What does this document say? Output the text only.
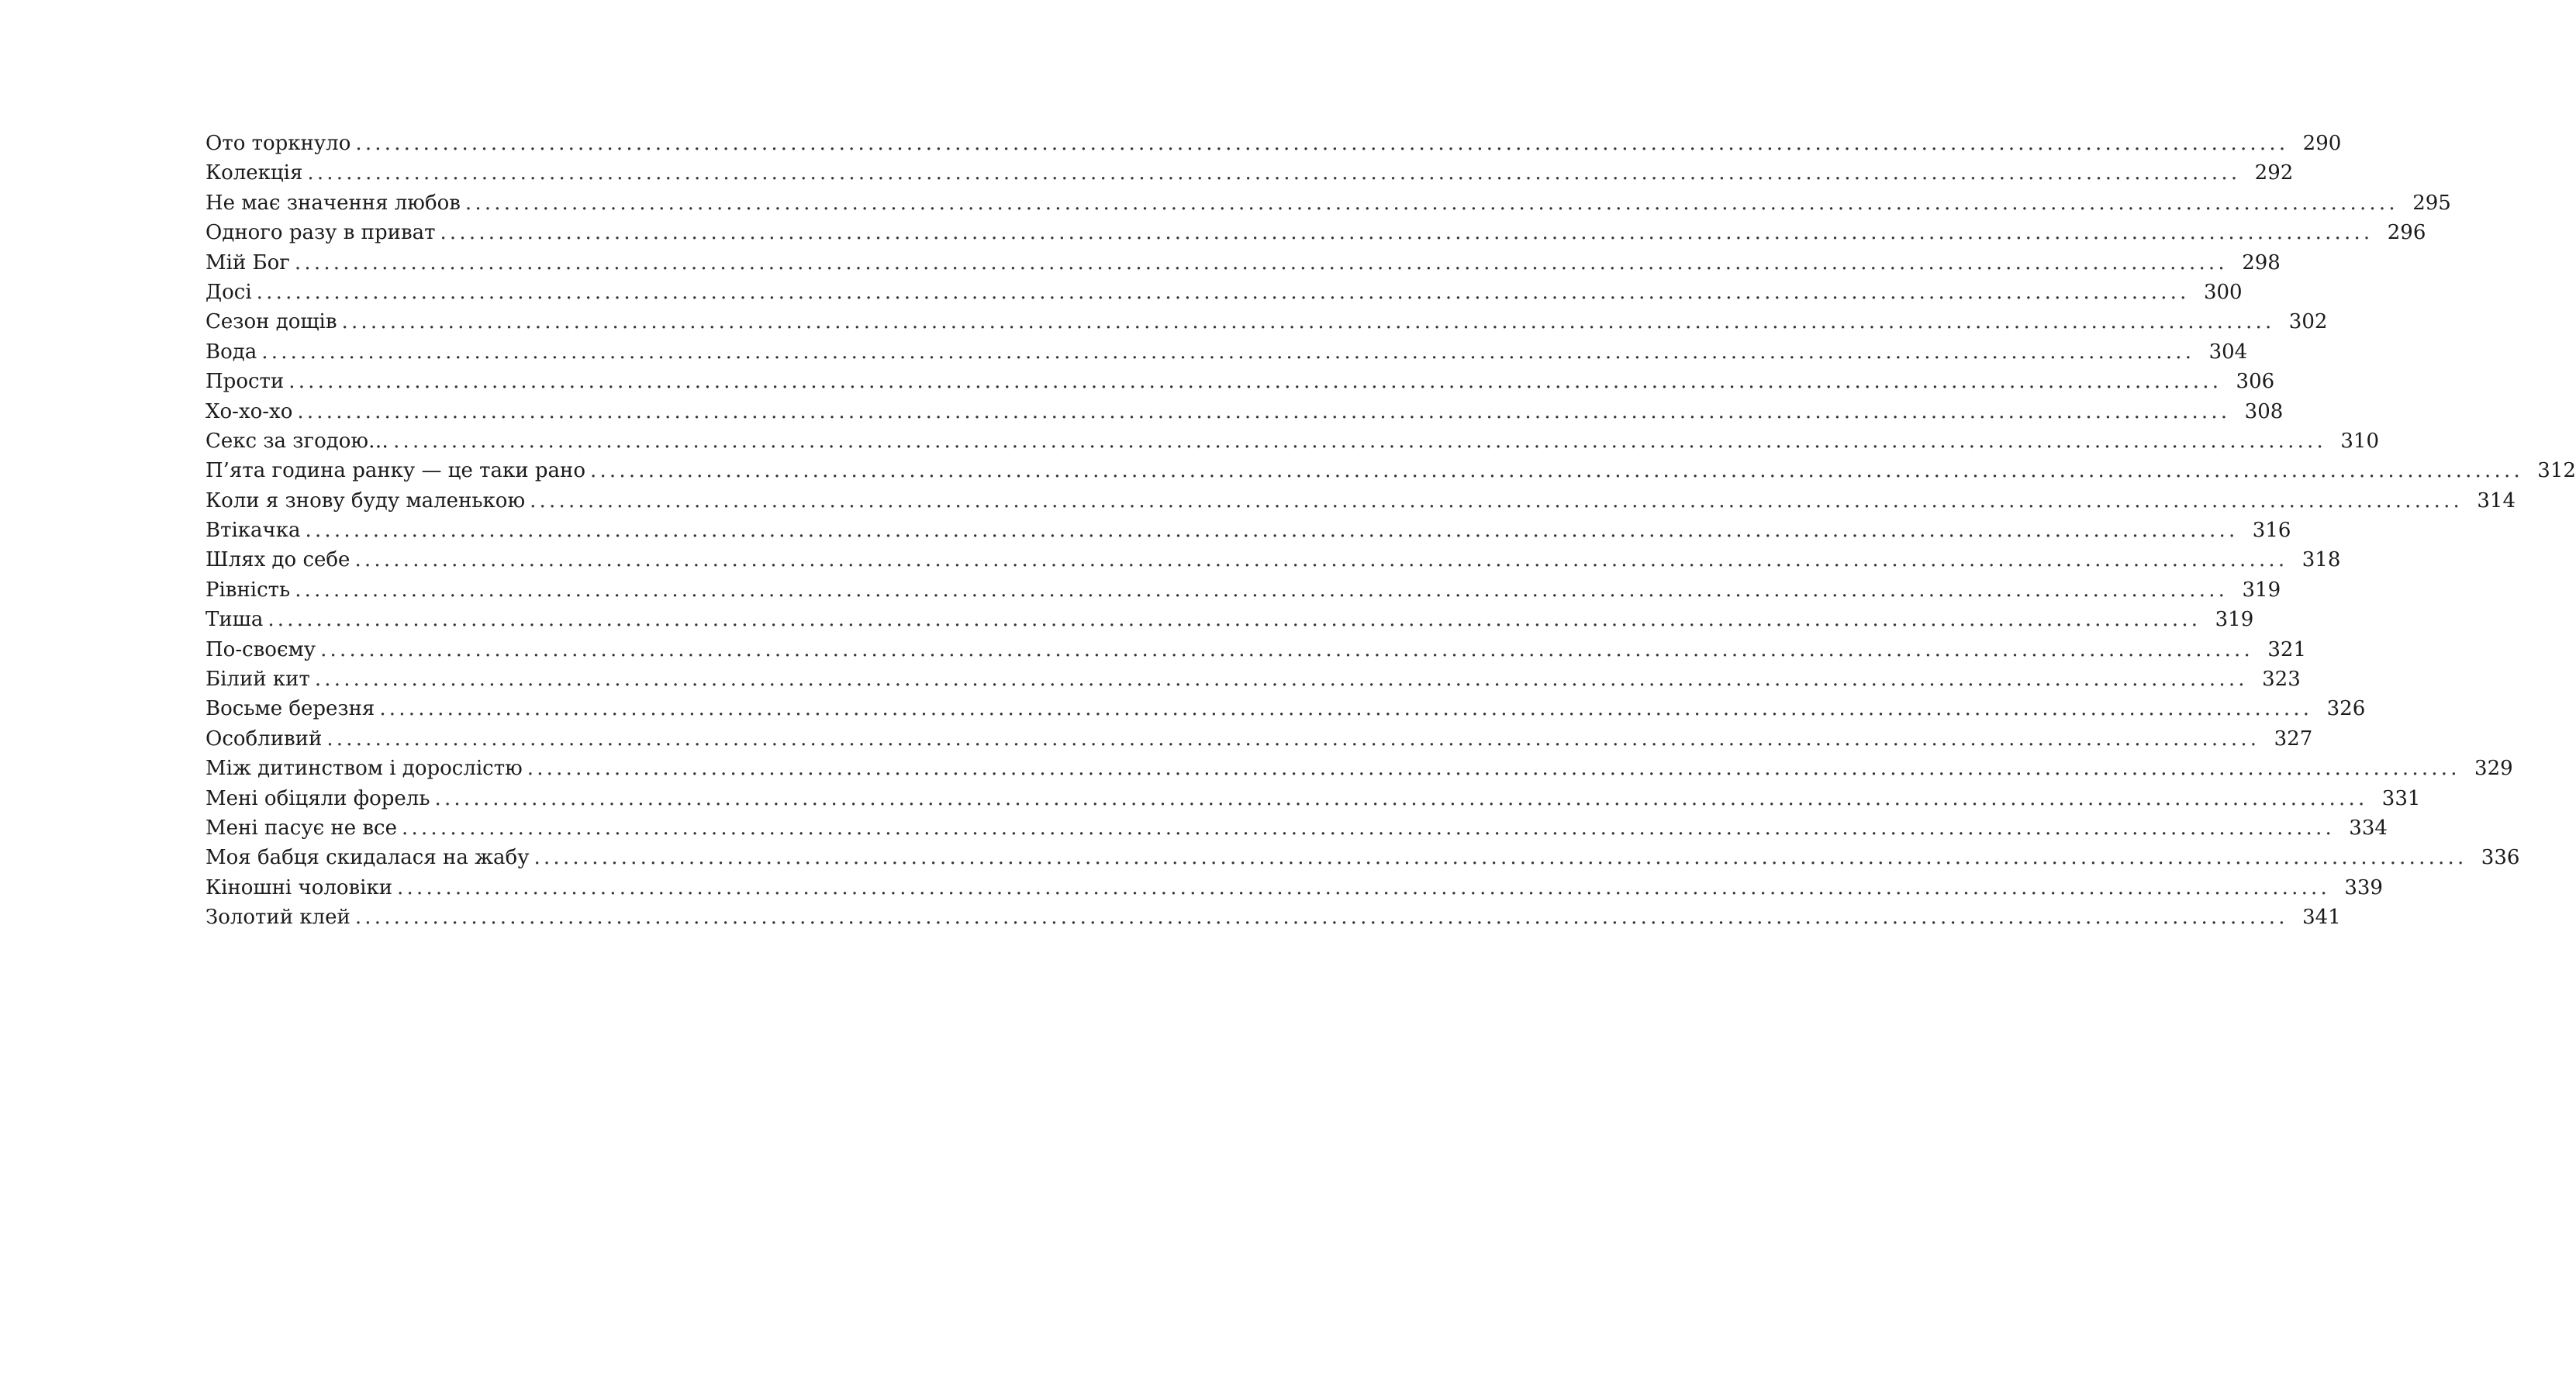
Ото торкнуло ........................................................................................................................................................................................................ 290
Колекція ........................................................................................................................................................................................................ 292
Не має значення любов ........................................................................................................................................................................................................ 295
Одного разу в приват ........................................................................................................................................................................................................ 296
Мій Бог ........................................................................................................................................................................................................ 298
Досі ........................................................................................................................................................................................................ 300
Сезон дощів ........................................................................................................................................................................................................ 302
Вода ........................................................................................................................................................................................................ 304
Прости ........................................................................................................................................................................................................ 306
Хо-хо-хо ........................................................................................................................................................................................................ 308
Секс за згодою… ........................................................................................................................................................................................................ 310
П’ята година ранку — це таки рано ........................................................................................................................................................................................................ 312
Коли я знову буду маленькою ........................................................................................................................................................................................................ 314
Втікачка ........................................................................................................................................................................................................ 316
Шлях до себе ........................................................................................................................................................................................................ 318
Рівність ........................................................................................................................................................................................................ 319
Тиша ........................................................................................................................................................................................................ 319
По-своєму ........................................................................................................................................................................................................ 321
Білий кит ........................................................................................................................................................................................................ 323
Восьме березня ........................................................................................................................................................................................................ 326
Особливий ........................................................................................................................................................................................................ 327
Між дитинством і дорослістю ........................................................................................................................................................................................................ 329
Мені обіцяли форель ........................................................................................................................................................................................................ 331
Мені пасує не все ........................................................................................................................................................................................................ 334
Моя бабця скидалася на жабу ........................................................................................................................................................................................................ 336
Кіношні чоловіки ........................................................................................................................................................................................................ 339
Золотий клей ........................................................................................................................................................................................................ 341
